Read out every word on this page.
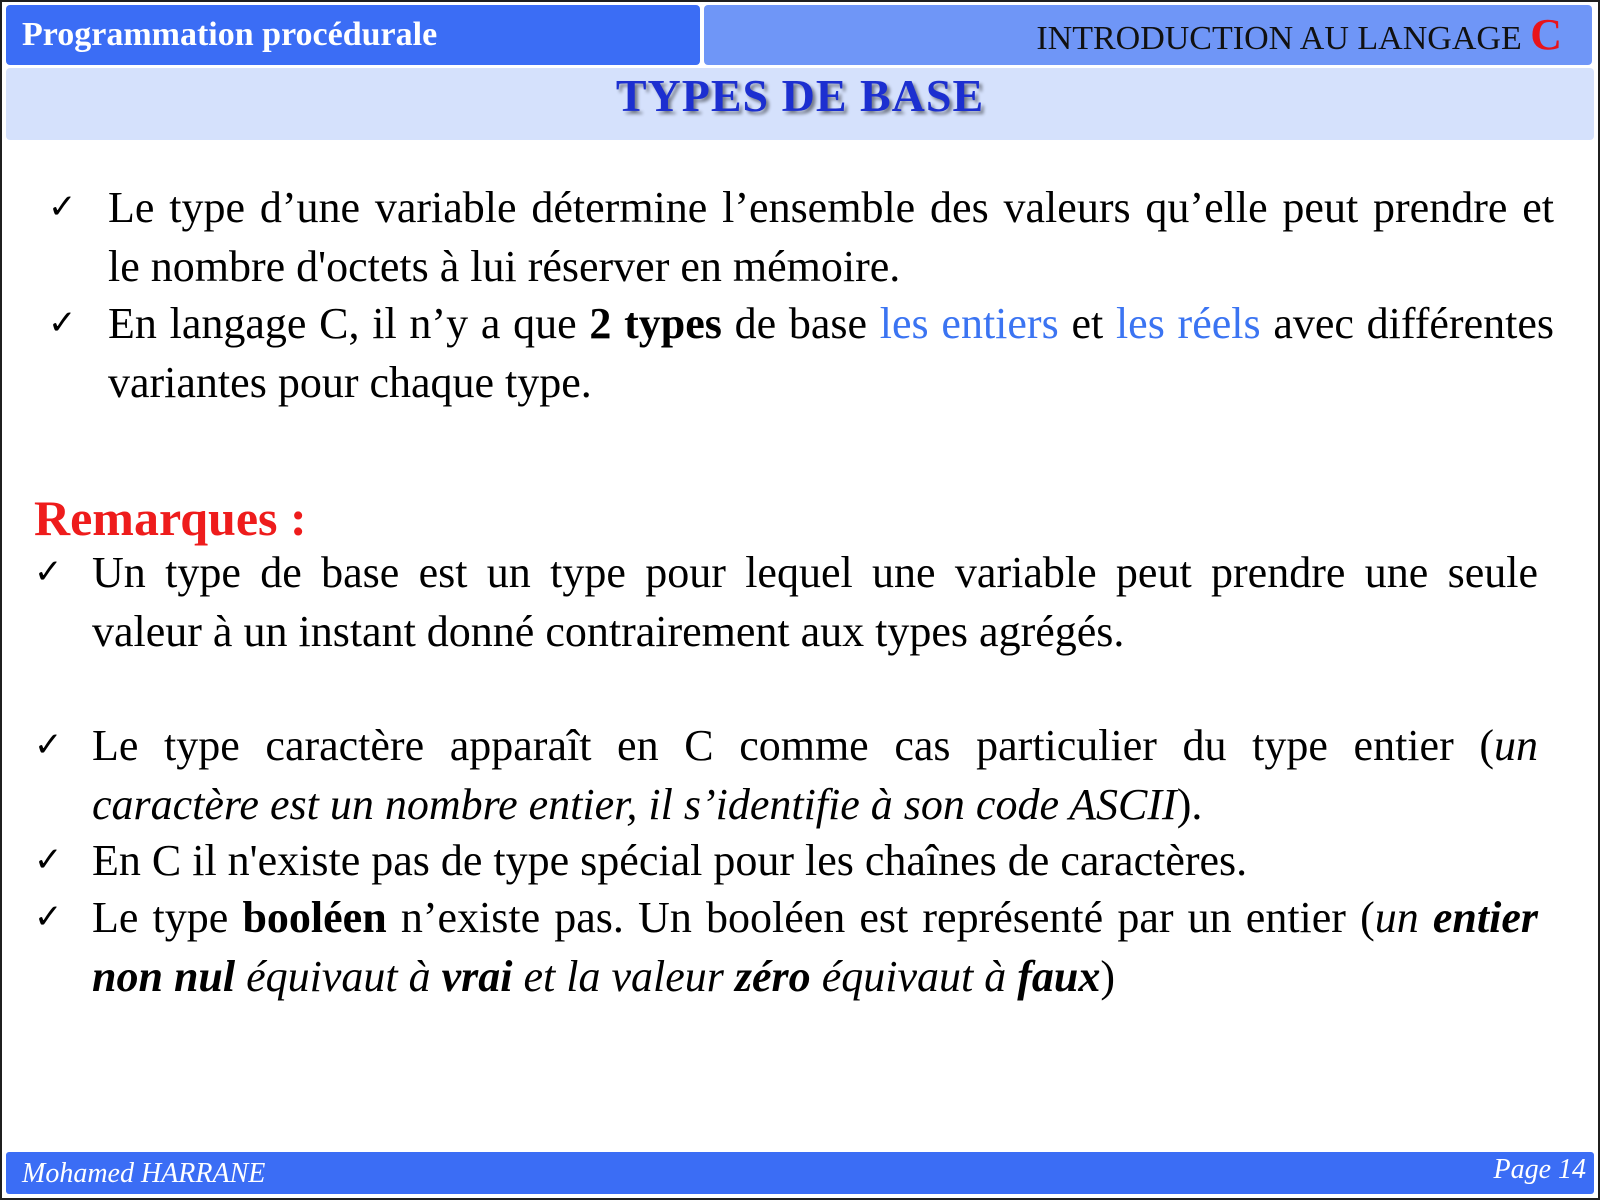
Programmation procédurale	INTRODUCTION AU LANGAGE C
TYPES DE BASE
✓ Le type d’une variable détermine l’ensemble des valeurs qu’elle peut prendre et le nombre d'octets à lui réserver en mémoire.
✓ En langage C, il n’y a que 2 types de base les entiers et les réels avec différentes variantes pour chaque type.
Remarques :
✓ Un type de base est un type pour lequel une variable peut prendre une seule valeur à un instant donné contrairement aux types agrégés.
✓ Le type caractère apparaît en C comme cas particulier du type entier (un caractère est un nombre entier, il s’identifie à son code ASCII).
✓ En C il n'existe pas de type spécial pour les chaînes de caractères.
✓ Le type booléen n’existe pas. Un booléen est représenté par un entier (un entier non nul équivaut à vrai et la valeur zéro équivaut à faux)
Mohamed HARRANE	Page 14
